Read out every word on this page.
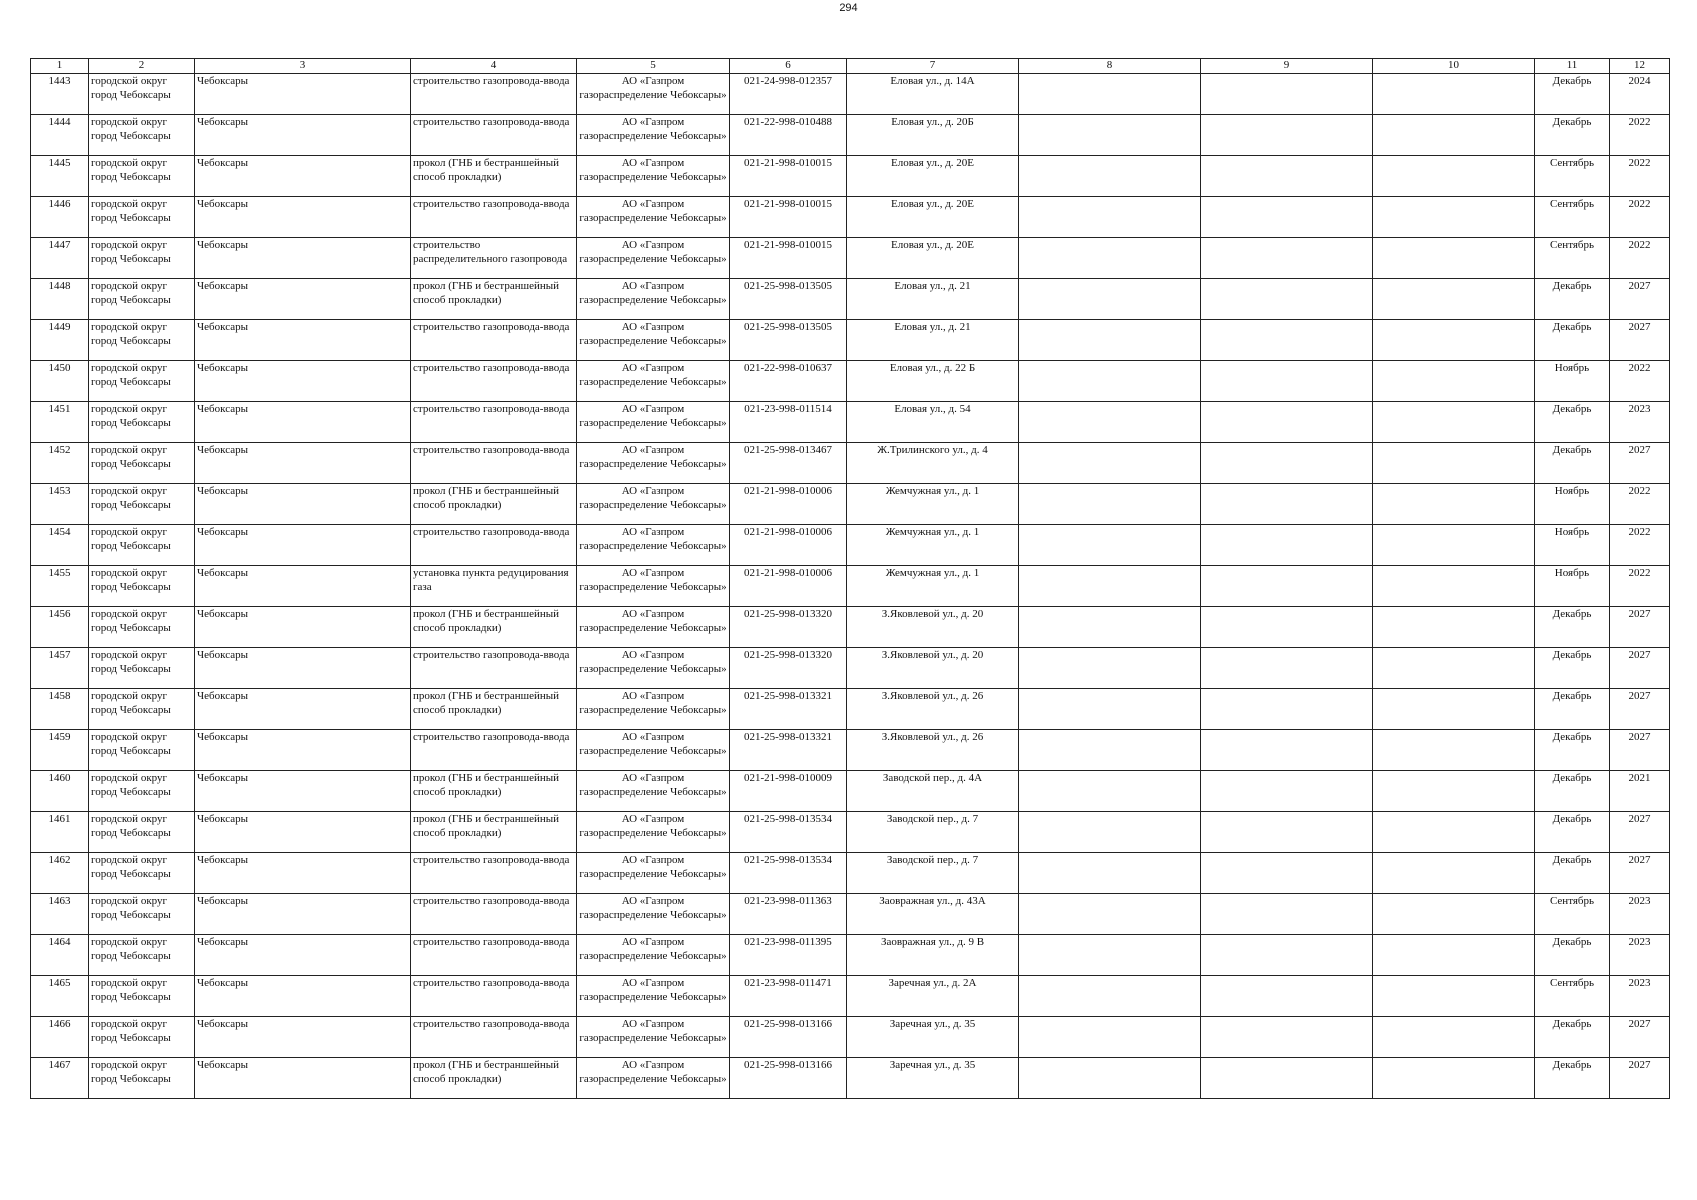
294
1	2	3	4	5	6	7	8	9	10	11	12

1443	городской округ город Чебоксары	Чебоксары	строительство газопровода-ввода	АО «Газпром газораспределение Чебоксары»	021-24-998-012357	Еловая ул., д. 14А				Декабрь	2024

1444	городской округ город Чебоксары	Чебоксары	строительство газопровода-ввода	АО «Газпром газораспределение Чебоксары»	021-22-998-010488	Еловая ул., д. 20Б				Декабрь	2022

1445	городской округ город Чебоксары	Чебоксары	прокол (ГНБ и бестраншейный способ прокладки)	АО «Газпром газораспределение Чебоксары»	021-21-998-010015	Еловая ул., д. 20Е				Сентябрь	2022

1446	городской округ город Чебоксары	Чебоксары	строительство газопровода-ввода	АО «Газпром газораспределение Чебоксары»	021-21-998-010015	Еловая ул., д. 20Е				Сентябрь	2022

1447	городской округ город Чебоксары	Чебоксары	строительство распределительного газопровода	АО «Газпром газораспределение Чебоксары»	021-21-998-010015	Еловая ул., д. 20Е				Сентябрь	2022

1448	городской округ город Чебоксары	Чебоксары	прокол (ГНБ и бестраншейный способ прокладки)	АО «Газпром газораспределение Чебоксары»	021-25-998-013505	Еловая ул., д. 21				Декабрь	2027

1449	городской округ город Чебоксары	Чебоксары	строительство газопровода-ввода	АО «Газпром газораспределение Чебоксары»	021-25-998-013505	Еловая ул., д. 21				Декабрь	2027

1450	городской округ город Чебоксары	Чебоксары	строительство газопровода-ввода	АО «Газпром газораспределение Чебоксары»	021-22-998-010637	Еловая ул., д. 22 Б				Ноябрь	2022

1451	городской округ город Чебоксары	Чебоксары	строительство газопровода-ввода	АО «Газпром газораспределение Чебоксары»	021-23-998-011514	Еловая ул., д. 54				Декабрь	2023

1452	городской округ город Чебоксары	Чебоксары	строительство газопровода-ввода	АО «Газпром газораспределение Чебоксары»	021-25-998-013467	Ж.Трилинского ул., д. 4				Декабрь	2027

1453	городской округ город Чебоксары	Чебоксары	прокол (ГНБ и бестраншейный способ прокладки)	АО «Газпром газораспределение Чебоксары»	021-21-998-010006	Жемчужная ул., д. 1				Ноябрь	2022

1454	городской округ город Чебоксары	Чебоксары	строительство газопровода-ввода	АО «Газпром газораспределение Чебоксары»	021-21-998-010006	Жемчужная ул., д. 1				Ноябрь	2022

1455	городской округ город Чебоксары	Чебоксары	установка пункта редуцирования газа	АО «Газпром газораспределение Чебоксары»	021-21-998-010006	Жемчужная ул., д. 1				Ноябрь	2022

1456	городской округ город Чебоксары	Чебоксары	прокол (ГНБ и бестраншейный способ прокладки)	АО «Газпром газораспределение Чебоксары»	021-25-998-013320	З.Яковлевой ул., д. 20				Декабрь	2027

1457	городской округ город Чебоксары	Чебоксары	строительство газопровода-ввода	АО «Газпром газораспределение Чебоксары»	021-25-998-013320	З.Яковлевой ул., д. 20				Декабрь	2027

1458	городской округ город Чебоксары	Чебоксары	прокол (ГНБ и бестраншейный способ прокладки)	АО «Газпром газораспределение Чебоксары»	021-25-998-013321	З.Яковлевой ул., д. 26				Декабрь	2027

1459	городской округ город Чебоксары	Чебоксары	строительство газопровода-ввода	АО «Газпром газораспределение Чебоксары»	021-25-998-013321	З.Яковлевой ул., д. 26				Декабрь	2027

1460	городской округ город Чебоксары	Чебоксары	прокол (ГНБ и бестраншейный способ прокладки)	АО «Газпром газораспределение Чебоксары»	021-21-998-010009	Заводской пер., д. 4А				Декабрь	2021

1461	городской округ город Чебоксары	Чебоксары	прокол (ГНБ и бестраншейный способ прокладки)	АО «Газпром газораспределение Чебоксары»	021-25-998-013534	Заводской пер., д. 7				Декабрь	2027

1462	городской округ город Чебоксары	Чебоксары	строительство газопровода-ввода	АО «Газпром газораспределение Чебоксары»	021-25-998-013534	Заводской пер., д. 7				Декабрь	2027

1463	городской округ город Чебоксары	Чебоксары	строительство газопровода-ввода	АО «Газпром газораспределение Чебоксары»	021-23-998-011363	Заовражная ул., д. 43А				Сентябрь	2023

1464	городской округ город Чебоксары	Чебоксары	строительство газопровода-ввода	АО «Газпром газораспределение Чебоксары»	021-23-998-011395	Заовражная ул., д. 9 В				Декабрь	2023

1465	городской округ город Чебоксары	Чебоксары	строительство газопровода-ввода	АО «Газпром газораспределение Чебоксары»	021-23-998-011471	Заречная ул., д. 2А				Сентябрь	2023

1466	городской округ город Чебоксары	Чебоксары	строительство газопровода-ввода	АО «Газпром газораспределение Чебоксары»	021-25-998-013166	Заречная ул., д. 35				Декабрь	2027

1467	городской округ город Чебоксары	Чебоксары	прокол (ГНБ и бестраншейный способ прокладки)	АО «Газпром газораспределение Чебоксары»	021-25-998-013166	Заречная ул., д. 35				Декабрь	2027
